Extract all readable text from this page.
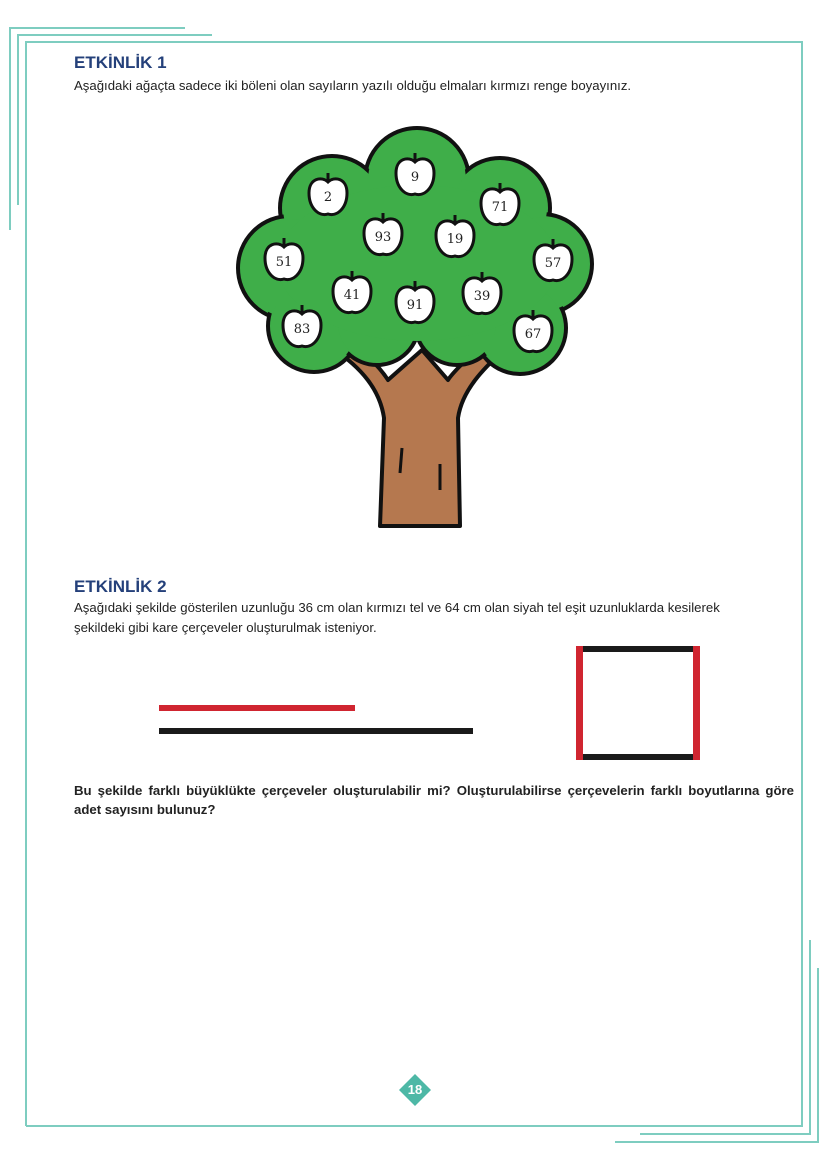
ETKİNLİK 1

Aşağıdaki ağaçta sadece iki böleni olan sayıların yazılı olduğu elmaları kırmızı renge boyayınız.

2
9
71
93	19
51	57
41
91
39
83	67
ETKİNLİK 2

Aşağıdaki şekilde gösterilen uzunluğu 36 cm olan kırmızı tel ve 64 cm olan siyah tel eşit uzunluklarda kesilerek

şekildeki gibi kare çerçeveler oluşturulmak isteniyor.

Bu şekilde farklı büyüklükte çerçeveler oluşturulabilir mi? Oluşturulabilirse çerçevelerin farklı boyutlarına göre adet sayısını bulunuz?

18
